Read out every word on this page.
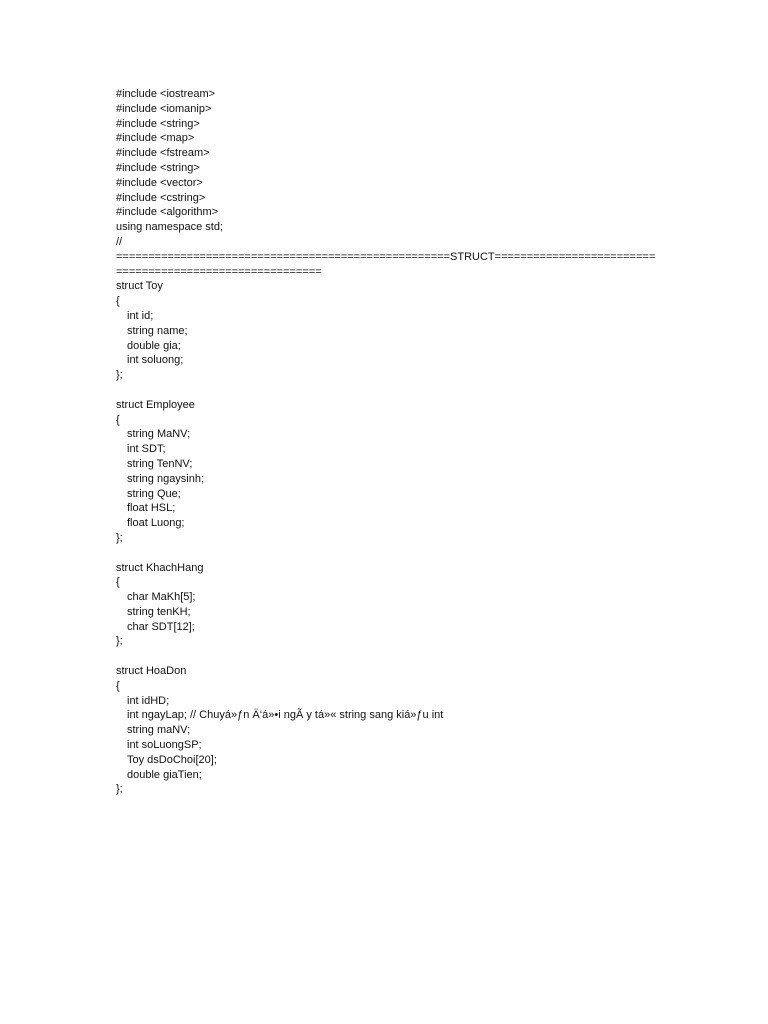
#include <iostream>
#include <iomanip>
#include <string>
#include <map>
#include <fstream>
#include <string>
#include <vector>
#include <cstring>
#include <algorithm>
using namespace std;
//
====================================================STRUCT=========================
================================
struct Toy
{
int id;
string name;
double gia;
int soluong;
};
struct Employee
{
string MaNV;
int SDT;
string TenNV;
string ngaysinh;
string Que;
float HSL;
float Luong;
};
struct KhachHang
{
char MaKh[5];
string tenKH;
char SDT[12];
};
struct HoaDon
{
int idHD;
int ngayLap; // Chuyá»ƒn Ä‘á»•i ngÃ y tá»« string sang kiá»ƒu int
string maNV;
int soLuongSP;
Toy dsDoChoi[20];
double giaTien;
};
